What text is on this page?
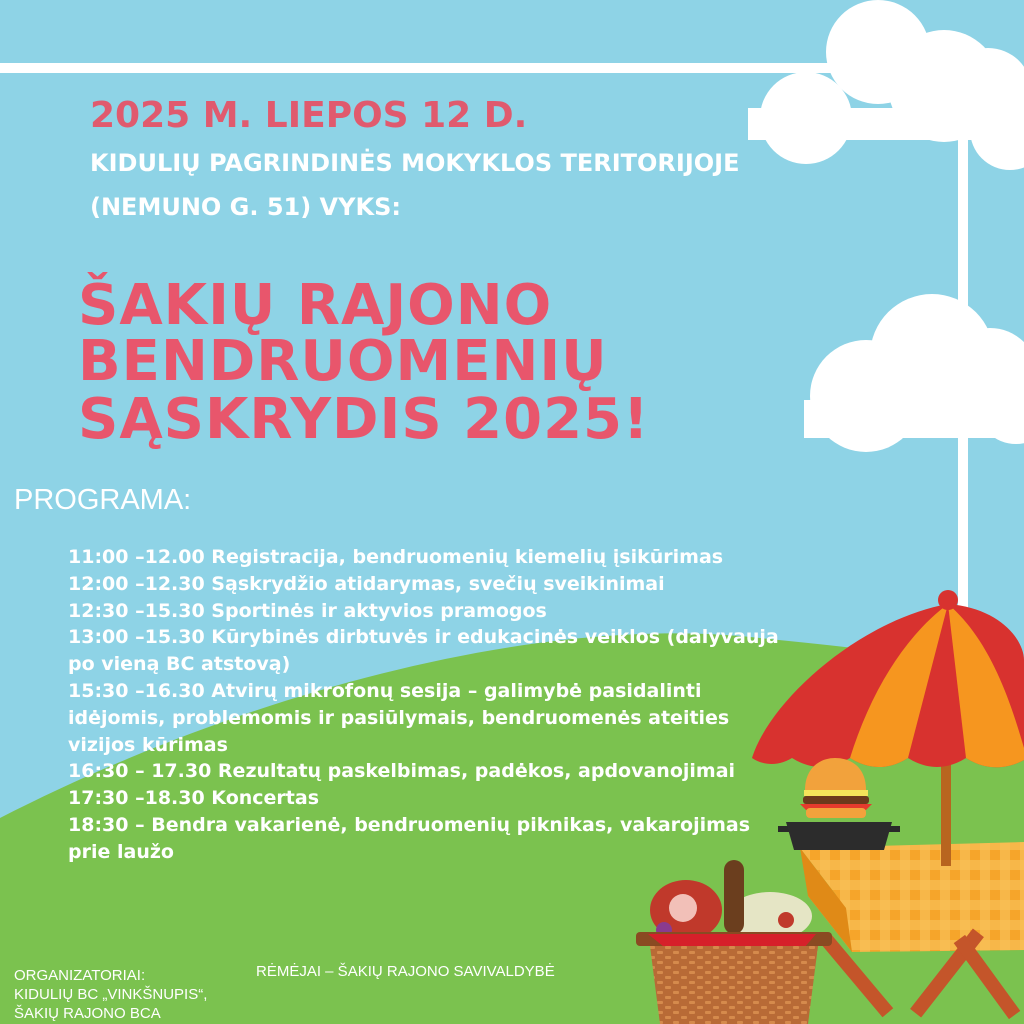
2025 M. LIEPOS 12 D.
KIDULIŲ PAGRINDINĖS MOKYKLOS TERITORIJOJE
(NEMUNO G. 51) VYKS:
ŠAKIŲ RAJONO
BENDRUOMENIŲ
SĄSKRYDIS 2025!
PROGRAMA:
11:00 –12.00 Registracija, bendruomenių kiemelių įsikūrimas
12:00 –12.30 Sąskrydžio atidarymas, svečių sveikinimai
12:30 –15.30 Sportinės ir aktyvios pramogos
13:00 –15.30 Kūrybinės dirbtuvės ir edukacinės veiklos (dalyvauja
po vieną BC atstovą)
15:30 –16.30 Atvirų mikrofonų sesija – galimybė pasidalinti
idėjomis, problemomis ir pasiūlymais, bendruomenės ateities
vizijos kūrimas
16:30 – 17.30 Rezultatų paskelbimas, padėkos, apdovanojimai
17:30 –18.30 Koncertas
18:30 – Bendra vakarienė, bendruomenių piknikas, vakarojimas
prie laužo
ORGANIZATORIAI:
KIDULIŲ BC „VINKŠNUPIS“,
ŠAKIŲ RAJONO BCA
RĖMĖJAI – ŠAKIŲ RAJONO SAVIVALDYBĖ
